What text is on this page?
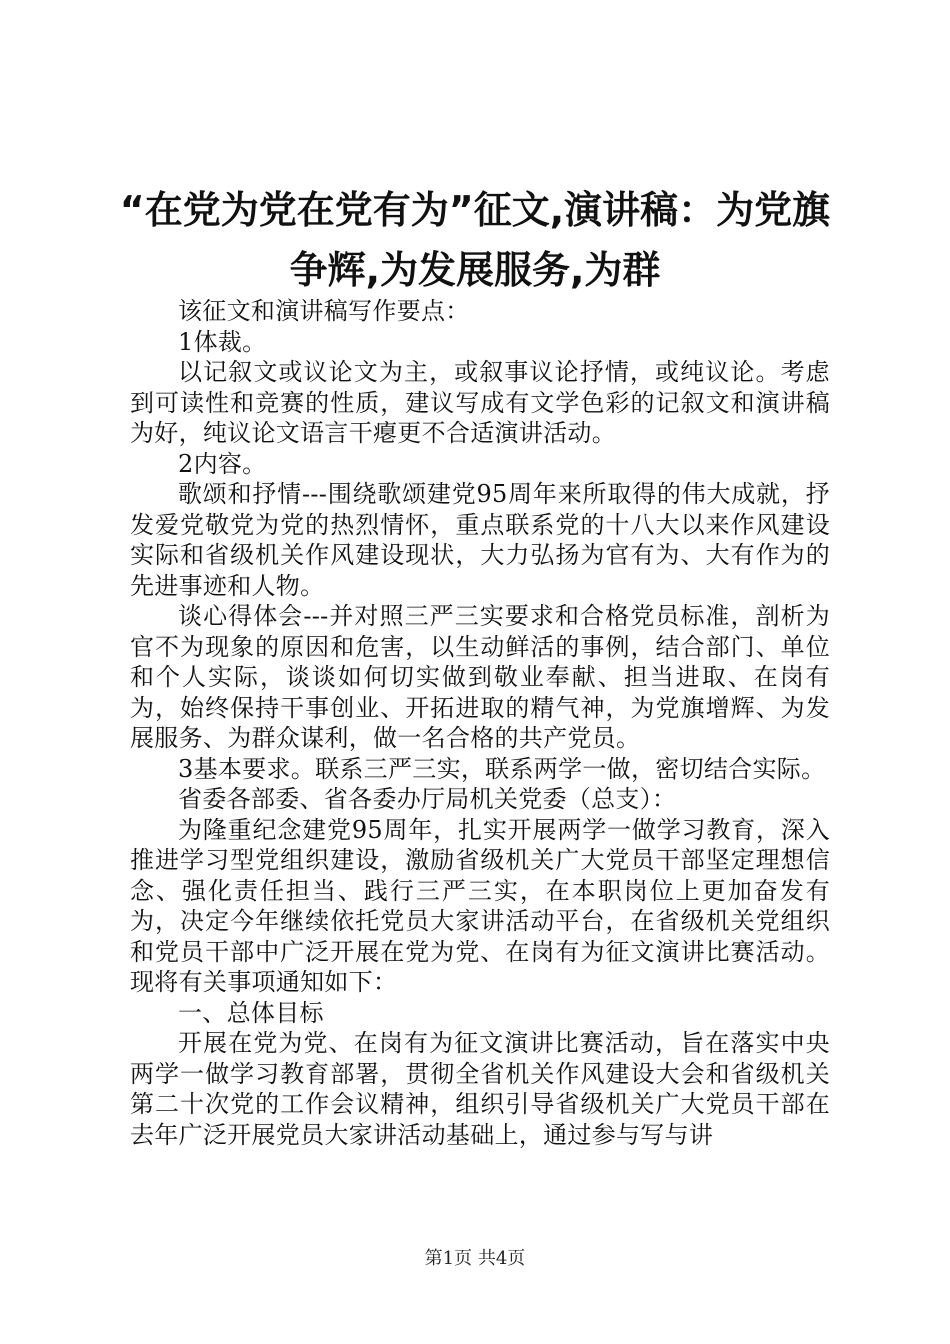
“在党为党在党有为”征文,演讲稿：为党旗
争辉,为发展服务,为群

该征文和演讲稿写作要点：

1体裁。

以记叙文或议论文为主，或叙事议论抒情，或纯议论。考虑到可读性和竞赛的性质，建议写成有文学色彩的记叙文和演讲稿为好，纯议论文语言干瘪更不合适演讲活动。

2内容。

歌颂和抒情---围绕歌颂建党95周年来所取得的伟大成就，抒发爱党敬党为党的热烈情怀，重点联系党的十八大以来作风建设实际和省级机关作风建设现状，大力弘扬为官有为、大有作为的先进事迹和人物。

谈心得体会---并对照三严三实要求和合格党员标准，剖析为官不为现象的原因和危害，以生动鲜活的事例，结合部门、单位和个人实际，谈谈如何切实做到敬业奉献、担当进取、在岗有为，始终保持干事创业、开拓进取的精气神，为党旗增辉、为发展服务、为群众谋利，做一名合格的共产党员。

3基本要求。联系三严三实，联系两学一做，密切结合实际。

省委各部委、省各委办厅局机关党委（总支）：

为隆重纪念建党95周年，扎实开展两学一做学习教育，深入推进学习型党组织建设，激励省级机关广大党员干部坚定理想信念、强化责任担当、践行三严三实，在本职岗位上更加奋发有为，决定今年继续依托党员大家讲活动平台，在省级机关党组织和党员干部中广泛开展在党为党、在岗有为征文演讲比赛活动。现将有关事项通知如下：

一、总体目标

开展在党为党、在岗有为征文演讲比赛活动，旨在落实中央两学一做学习教育部署，贯彻全省机关作风建设大会和省级机关第二十次党的工作会议精神，组织引导省级机关广大党员干部在去年广泛开展党员大家讲活动基础上，通过参与写与讲

第1页 共4页
